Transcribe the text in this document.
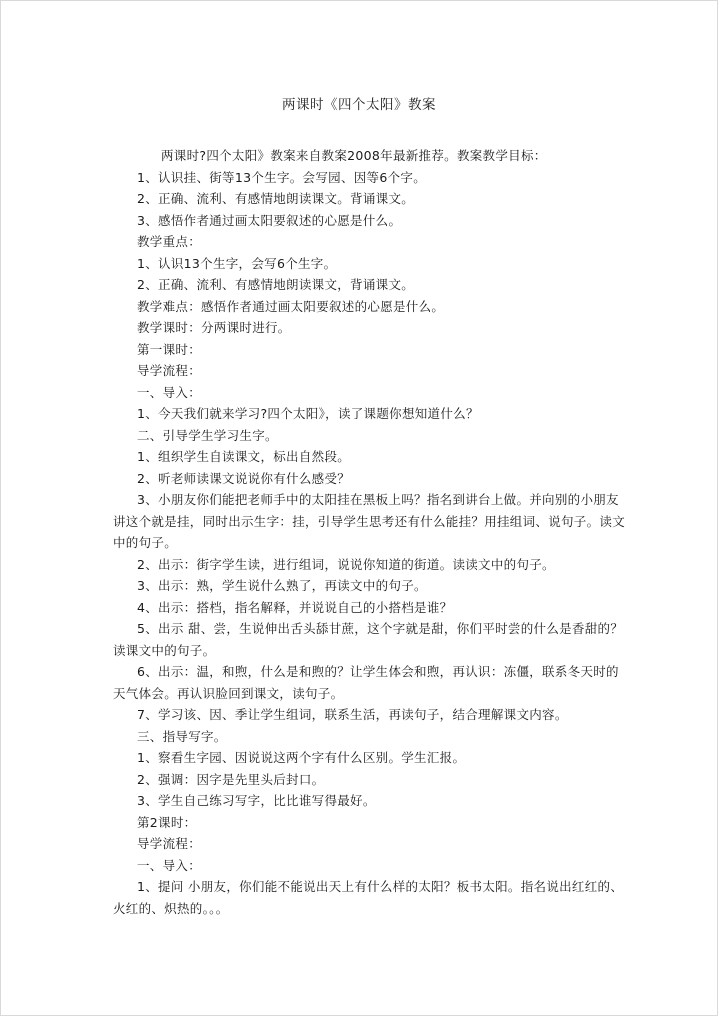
两课时《四个太阳》教案
两课时?四个太阳》教案来自教案2008年最新推荐。教案教学目标：
1、认识挂、街等13个生字。会写园、因等6个字。
2、正确、流利、有感情地朗读课文。背诵课文。
3、感悟作者通过画太阳要叙述的心愿是什么。
教学重点：
1、认识13个生字，会写6个生字。
2、正确、流利、有感情地朗读课文，背诵课文。
教学难点：感悟作者通过画太阳要叙述的心愿是什么。
教学课时：分两课时进行。
第一课时：
导学流程：
一、导入：
1、今天我们就来学习?四个太阳》，读了课题你想知道什么？
二、引导学生学习生字。
1、组织学生自读课文，标出自然段。
2、听老师读课文说说你有什么感受？
3、小朋友你们能把老师手中的太阳挂在黑板上吗？指名到讲台上做。并向别的小朋友
讲这个就是挂，同时出示生字：挂，引导学生思考还有什么能挂？用挂组词、说句子。读文
中的句子。
2、出示：街字学生读，进行组词，说说你知道的街道。读读文中的句子。
3、出示：熟，学生说什么熟了，再读文中的句子。
4、出示：搭档，指名解释，并说说自己的小搭档是谁？
5、出示 甜、尝，生说伸出舌头舔甘蔗，这个字就是甜，你们平时尝的什么是香甜的？
读课文中的句子。
6、出示：温，和煦，什么是和煦的？让学生体会和煦，再认识：冻僵，联系冬天时的
天气体会。再认识脸回到课文，读句子。
7、学习该、因、季让学生组词，联系生活，再读句子，结合理解课文内容。
三、指导写字。
1、察看生字园、因说说这两个字有什么区别。学生汇报。
2、强调：因字是先里头后封口。
3、学生自己练习写字，比比谁写得最好。
第2课时：
导学流程：
一、导入：
1、提问 小朋友，你们能不能说出天上有什么样的太阳？板书太阳。指名说出红红的、
火红的、炽热的。。。
